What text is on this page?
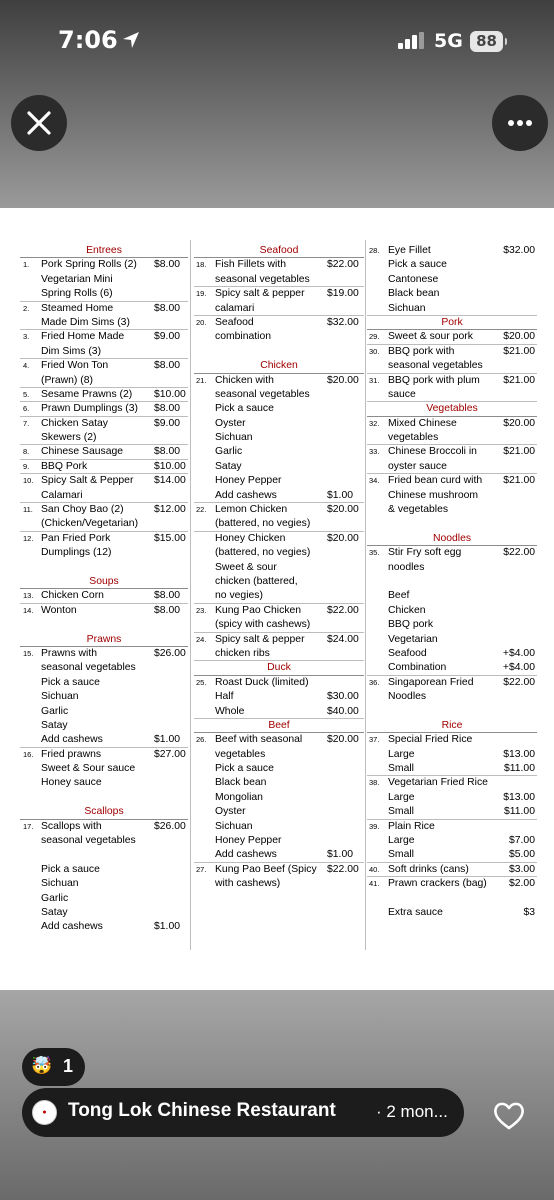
7:06	5G 88
Entrees
1. Pork Spring Rolls (2) $8.00
Vegetarian Mini
Spring Rolls (6)
2. Steamed Home	$8.00
Made Dim Sims (3)
3. Fried Home Made	$9.00
Dim Sims (3)
4. Fried Won Ton	$8.00
(Prawn) (8)
5. Sesame Prawns (2) $10.00
6. Prawn Dumplings (3) $8.00
7. Chicken Satay	$9.00
Skewers (2)
8. Chinese Sausage	$8.00
9. BBQ Pork	$10.00
10. Spicy Salt & Pepper $14.00
Calamari
11. San Choy Bao (2)	$12.00
(Chicken/Vegetarian)
12. Pan Fried Pork	$15.00
Dumplings (12)
Soups
13. Chicken Corn	$8.00
14. Wonton	$8.00
Prawns
15. Prawns with	$26.00
seasonal vegetables
Pick a sauce
Sichuan
Garlic
Satay
Add cashews	$1.00
16. Fried prawns	$27.00
Sweet & Sour sauce
Honey sauce
Scallops
17. Scallops with	$26.00
seasonal vegetables
Pick a sauce
Sichuan
Garlic
Satay
Add cashews	$1.00
Seafood
18. Fish Fillets with	$22.00
seasonal vegetables
19. Spicy salt & pepper $19.00
calamari
20. Seafood	$32.00
combination
Chicken
21. Chicken with	$20.00
seasonal vegetables
Pick a sauce
Oyster
Sichuan
Garlic
Satay
Honey Pepper
Add cashews	$1.00
22. Lemon Chicken	$20.00
(battered, no vegies)
Honey Chicken	$20.00
(battered, no vegies)
Sweet & sour
chicken (battered,
no vegies)
23. Kung Pao Chicken $22.00
(spicy with cashews)
24. Spicy salt & pepper $24.00
chicken ribs
Duck
25. Roast Duck (limited)
Half	$30.00
Whole	$40.00
Beef
26. Beef with seasonal $20.00
vegetables
Pick a sauce
Black bean
Mongolian
Oyster
Sichuan
Honey Pepper
Add cashews	$1.00
27. Kung Pao Beef (Spicy $22.00
with cashews)
28. Eye Fillet	$32.00
Pick a sauce
Cantonese
Black bean
Sichuan
Pork
29. Sweet & sour pork	$20.00
30. BBQ pork with	$21.00
seasonal vegetables
31. BBQ pork with plum $21.00
sauce
Vegetables
32. Mixed Chinese	$20.00
vegetables
33. Chinese Broccoli in	$21.00
oyster sauce
34. Fried bean curd with $21.00
Chinese mushroom
& vegetables
Noodles
35. Stir Fry soft egg	$22.00
noodles
Beef
Chicken
BBQ pork
Vegetarian
Seafood	+$4.00
Combination	+$4.00
36. Singaporean Fried	$22.00
Noodles
Rice
37. Special Fried Rice
Large	$13.00
Small	$11.00
38. Vegetarian Fried Rice
Large	$13.00
Small	$11.00
39. Plain Rice
Large	$7.00
Small	$5.00
40. Soft drinks (cans)	$3.00
41. Prawn crackers (bag) $2.00
Extra sauce	$3
🤯 1
●	Tong Lok Chinese Restaurant · 2 mon...
